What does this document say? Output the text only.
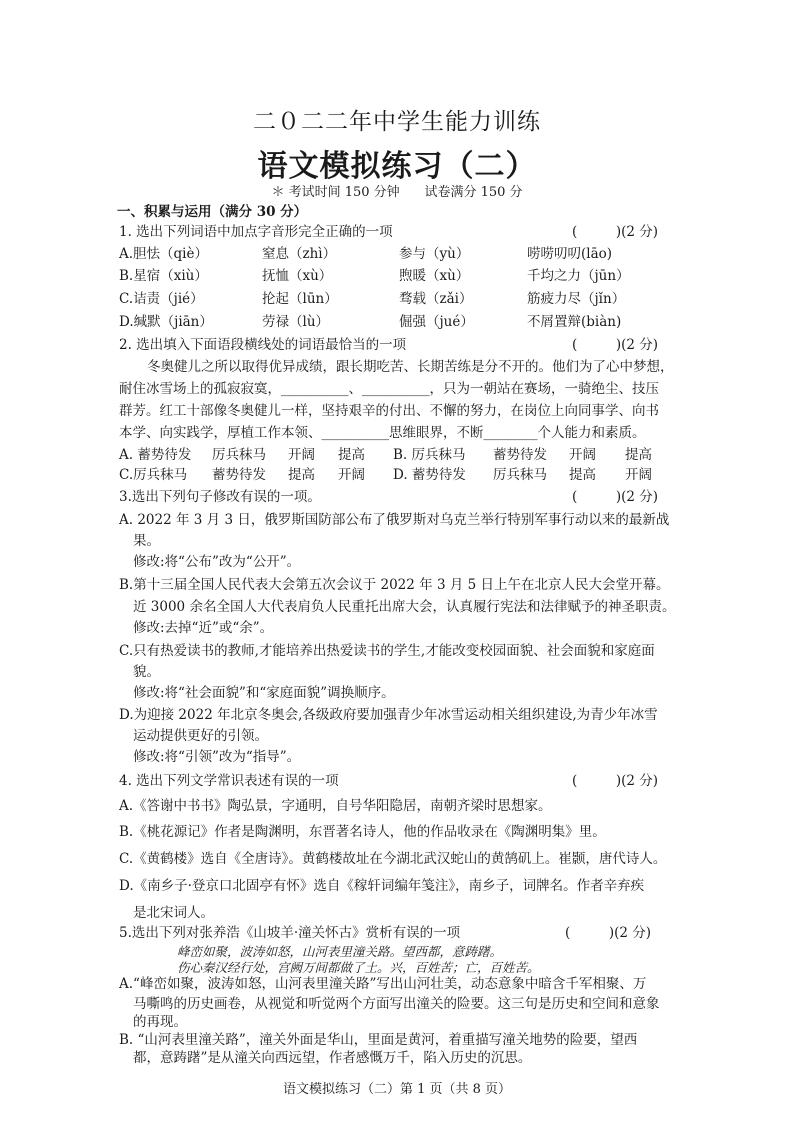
二０二二年中学生能力训练
语文模拟练习（二）
＊ 考试时间 150 分钟      试卷满分 150 分
一、积累与运用（满分 30 分）
1. 选出下列词语中加点字音形完全正确的一项	(         )(2 分)
A.胆怯（qiè）	窒息（zhì）	参与（yù）	唠唠叨叨(lāo)
B.星宿（xiù）	抚恤（xù）	煦暖（xù）	千均之力（jūn）
C.诘责（jié）	抡起（lūn）	骛载（zǎi）	筋疲力尽（jǐn）
D.缄默（jiān）	劳禄（lù）	倔强（jué）	不屑置辩(biàn)
2. 选出填入下面语段横线处的词语最恰当的一项	(         )(2 分)
冬奥健儿之所以取得优异成绩，跟长期吃苦、长期苦练是分不开的。他们为了心中梦想，
耐住冰雪场上的孤寂寂寞，__________、__________，只为一朝站在赛场，一骑绝尘、技压
群芳。红工十部像冬奥健儿一样，坚持艰辛的付出、不懈的努力，在岗位上向同事学、向书
本学、向实践学，厚植工作本领、__________思维眼界，不断________个人能力和素质。
A. 蓄势待发 厉兵秣马 开阔 提高 B. 厉兵秣马 蓄势待发 开阔 提高
C.厉兵秣马 蓄势待发 提高 开阔 D. 蓄势待发 厉兵秣马 提高 开阔
3.选出下列句子修改有误的一项。	(         )(2 分)
A. 2022 年 3 月 3 日，俄罗斯国防部公布了俄罗斯对乌克兰举行特别军事行动以来的最新战
果。
修改:将“公布”改为“公开”。
B.第十三届全国人民代表大会第五次会议于 2022 年 3 月 5 日上午在北京人民大会堂开幕。
近 3000 余名全国人大代表肩负人民重托出席大会，认真履行宪法和法律赋予的神圣职责。
修改:去掉“近”或“余”。
C.只有热爱读书的教师,才能培养出热爱读书的学生,才能改变校园面貌、社会面貌和家庭面
貌。
修改:将“社会面貌”和“家庭面貌”调换顺序。
D.为迎接 2022 年北京冬奥会,各级政府要加强青少年冰雪运动相关组织建设,为青少年冰雪
运动提供更好的引领。
修改:将“引领”改为“指导”。
4. 选出下列文学常识表述有误的一项	(         )(2 分)
A.《答谢中书书》陶弘景，字通明，自号华阳隐居，南朝齐梁时思想家。
B.《桃花源记》作者是陶渊明，东晋著名诗人，他的作品收录在《陶渊明集》里。
C.《黄鹤楼》选自《全唐诗》。黄鹤楼故址在今湖北武汉蛇山的黄鹄矶上。崔颢，唐代诗人。
D.《南乡子·登京口北固亭有怀》选自《稼轩词编年笺注》，南乡子，词牌名。作者辛弃疾
是北宋词人。
5.选出下列对张养浩《山坡羊·潼关怀古》赏析有误的一项	(         )(2 分)
峰峦如聚，波涛如怒，山河表里潼关路。望西都，意踌躇。
伤心秦汉经行处，宫阙万间都做了土。兴，百姓苦；亡，百姓苦。
A.“峰峦如聚，波涛如怒，山河表里潼关路”写出山河壮美，动态意象中暗含千军相聚、万
马嘶鸣的历史画卷，从视觉和听觉两个方面写出潼关的险要。这三句是历史和空间和意象
语文模拟练习（二）第 1 页（共 8 页）
的再现。
B. “山河表里潼关路”，潼关外面是华山，里面是黄河，着重描写潼关地势的险要，望西
都，意踌躇”是从潼关向西远望，作者感慨万千，陷入历史的沉思。
